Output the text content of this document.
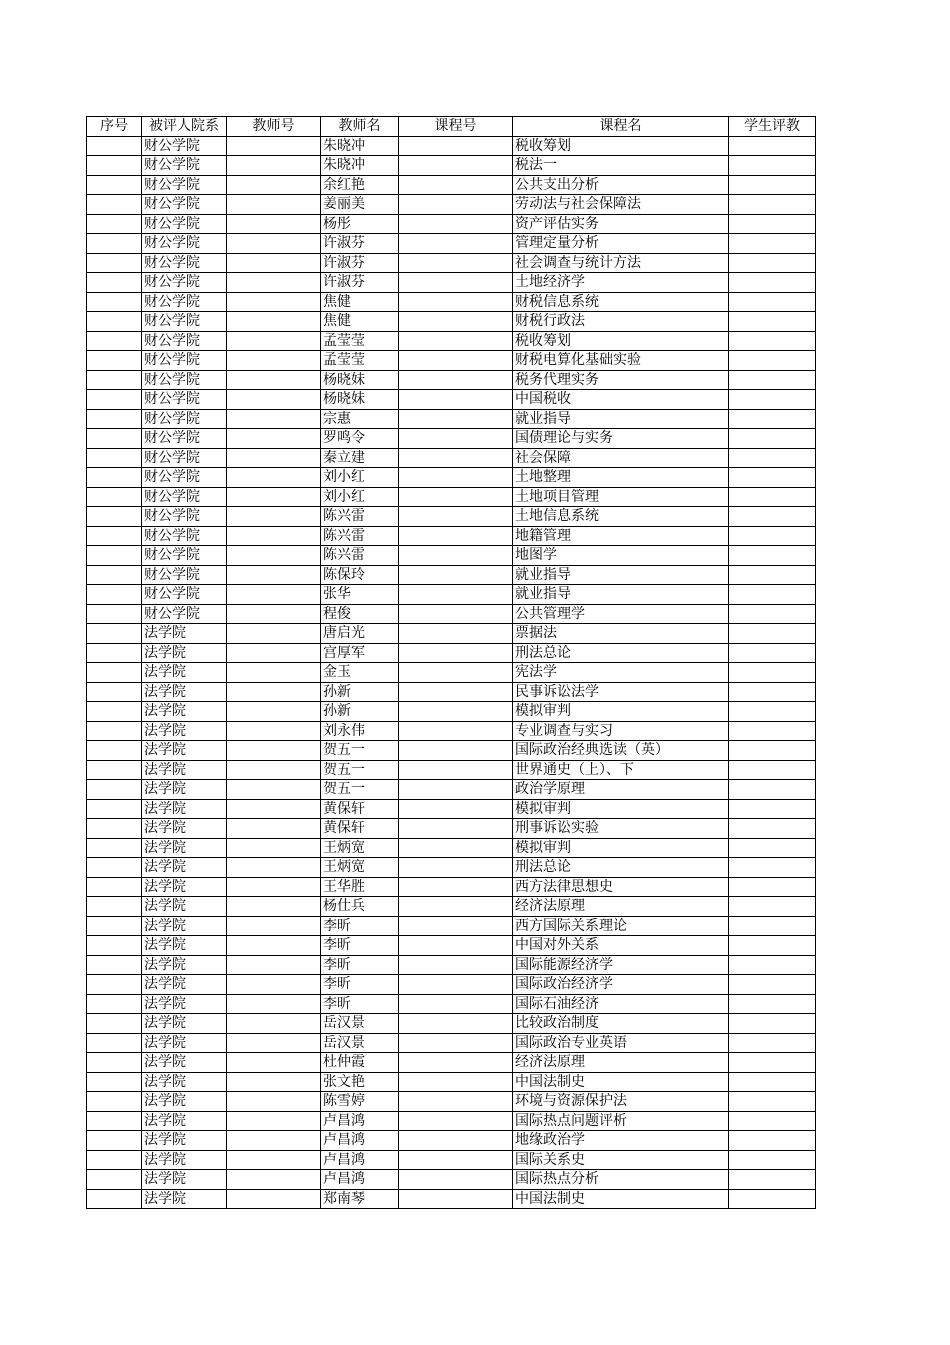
序号	被评人院系	教师号	教师名	课程号	课程名	学生评教
	财公学院		朱晓冲		税收筹划	
	财公学院		朱晓冲		税法一	
	财公学院		余红艳		公共支出分析	
	财公学院		姜丽美		劳动法与社会保障法	
	财公学院		杨彤		资产评估实务	
	财公学院		许淑芬		管理定量分析	
	财公学院		许淑芬		社会调查与统计方法	
	财公学院		许淑芬		土地经济学	
	财公学院		焦健		财税信息系统	
	财公学院		焦健		财税行政法	
	财公学院		孟莹莹		税收筹划	
	财公学院		孟莹莹		财税电算化基础实验	
	财公学院		杨晓妹		税务代理实务	
	财公学院		杨晓妹		中国税收	
	财公学院		宗惠		就业指导	
	财公学院		罗鸣令		国债理论与实务	
	财公学院		秦立建		社会保障	
	财公学院		刘小红		土地整理	
	财公学院		刘小红		土地项目管理	
	财公学院		陈兴雷		土地信息系统	
	财公学院		陈兴雷		地籍管理	
	财公学院		陈兴雷		地图学	
	财公学院		陈保玲		就业指导	
	财公学院		张华		就业指导	
	财公学院		程俊		公共管理学	
	法学院		唐启光		票据法	
	法学院		宫厚军		刑法总论	
	法学院		金玉		宪法学	
	法学院		孙新		民事诉讼法学	
	法学院		孙新		模拟审判	
	法学院		刘永伟		专业调查与实习	
	法学院		贺五一		国际政治经典选读（英）	
	法学院		贺五一		世界通史（上）、下	
	法学院		贺五一		政治学原理	
	法学院		黄保轩		模拟审判	
	法学院		黄保轩		刑事诉讼实验	
	法学院		王炳宽		模拟审判	
	法学院		王炳宽		刑法总论	
	法学院		王华胜		西方法律思想史	
	法学院		杨仕兵		经济法原理	
	法学院		李昕		西方国际关系理论	
	法学院		李昕		中国对外关系	
	法学院		李昕		国际能源经济学	
	法学院		李昕		国际政治经济学	
	法学院		李昕		国际石油经济	
	法学院		岳汉景		比较政治制度	
	法学院		岳汉景		国际政治专业英语	
	法学院		杜仲霞		经济法原理	
	法学院		张文艳		中国法制史	
	法学院		陈雪婷		环境与资源保护法	
	法学院		卢昌鸿		国际热点问题评析	
	法学院		卢昌鸿		地缘政治学	
	法学院		卢昌鸿		国际关系史	
	法学院		卢昌鸿		国际热点分析	
	法学院		郑南琴		中国法制史	
